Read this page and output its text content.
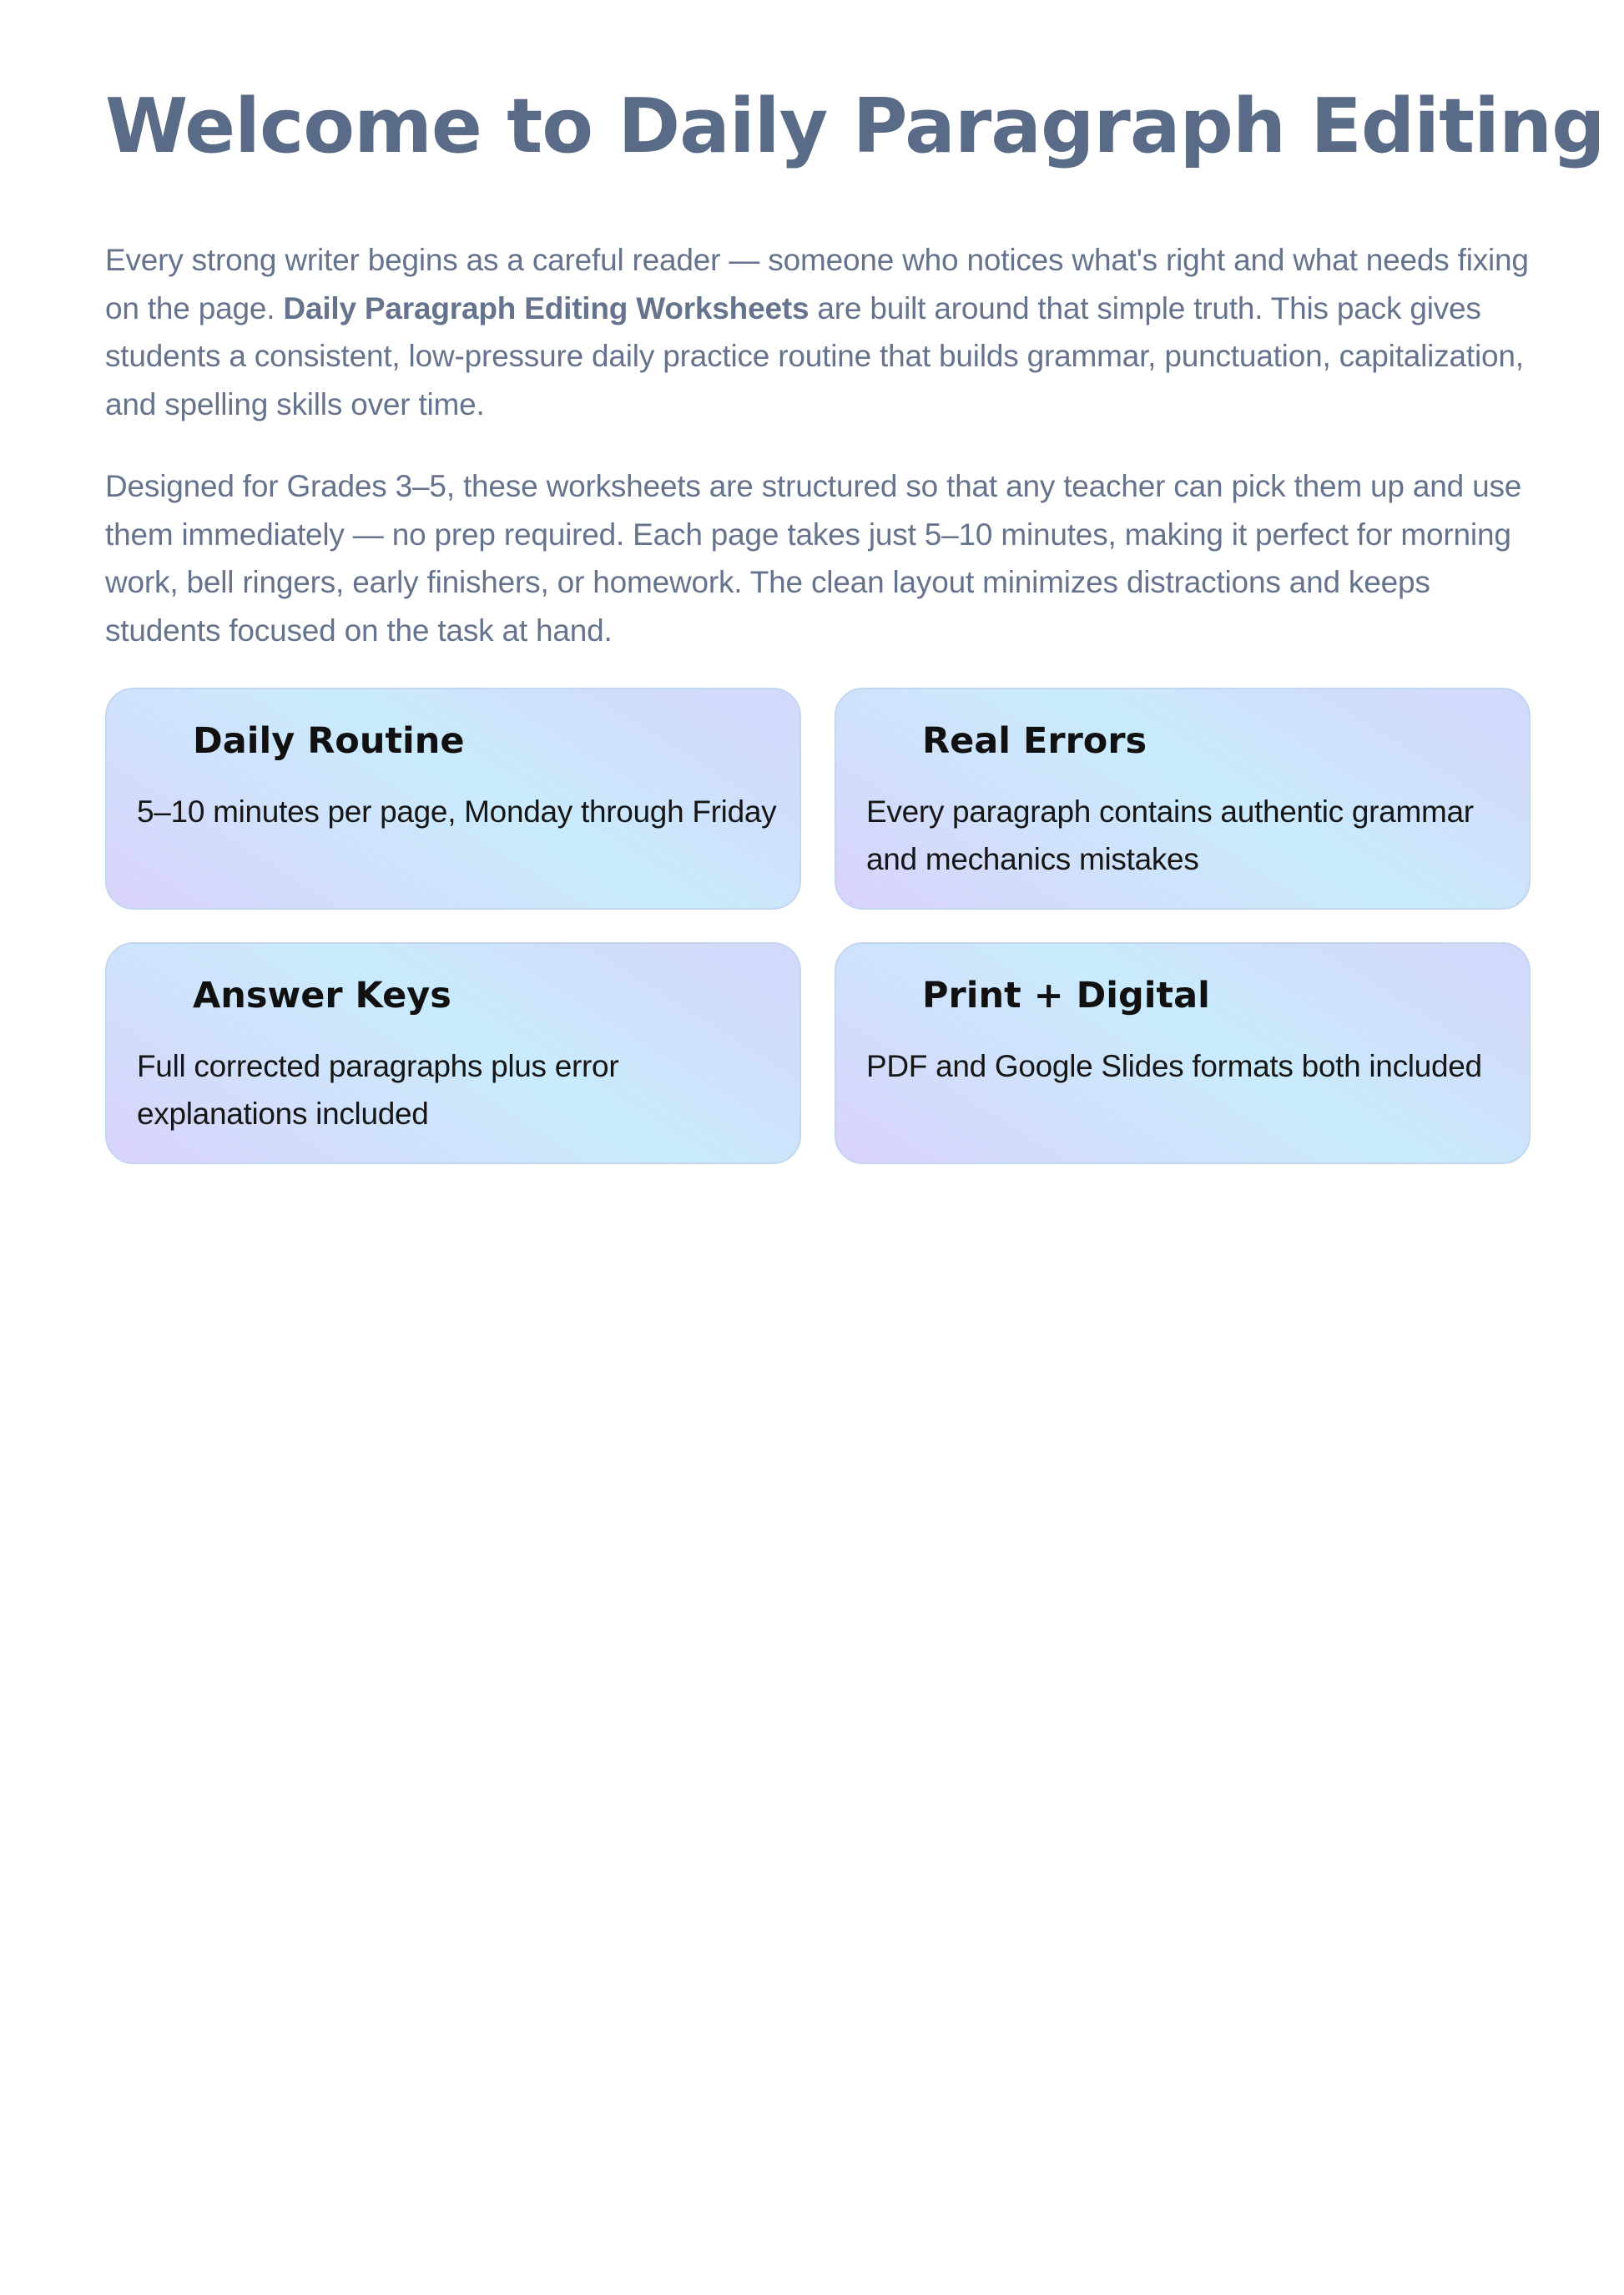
Welcome to Daily Paragraph Editing

Every strong writer begins as a careful reader — someone who notices what's right and what needs fixing on the page. Daily Paragraph Editing Worksheets are built around that simple truth. This pack gives students a consistent, low-pressure daily practice routine that builds grammar, punctuation, capitalization, and spelling skills over time.

Designed for Grades 3–5, these worksheets are structured so that any teacher can pick them up and use them immediately — no prep required. Each page takes just 5–10 minutes, making it perfect for morning work, bell ringers, early finishers, or homework. The clean layout minimizes distractions and keeps students focused on the task at hand.

Daily Routine

5–10 minutes per page, Monday through Friday

Real Errors

Every paragraph contains authentic grammar and mechanics mistakes

Answer Keys

Full corrected paragraphs plus error explanations included

Print + Digital

PDF and Google Slides formats both included
